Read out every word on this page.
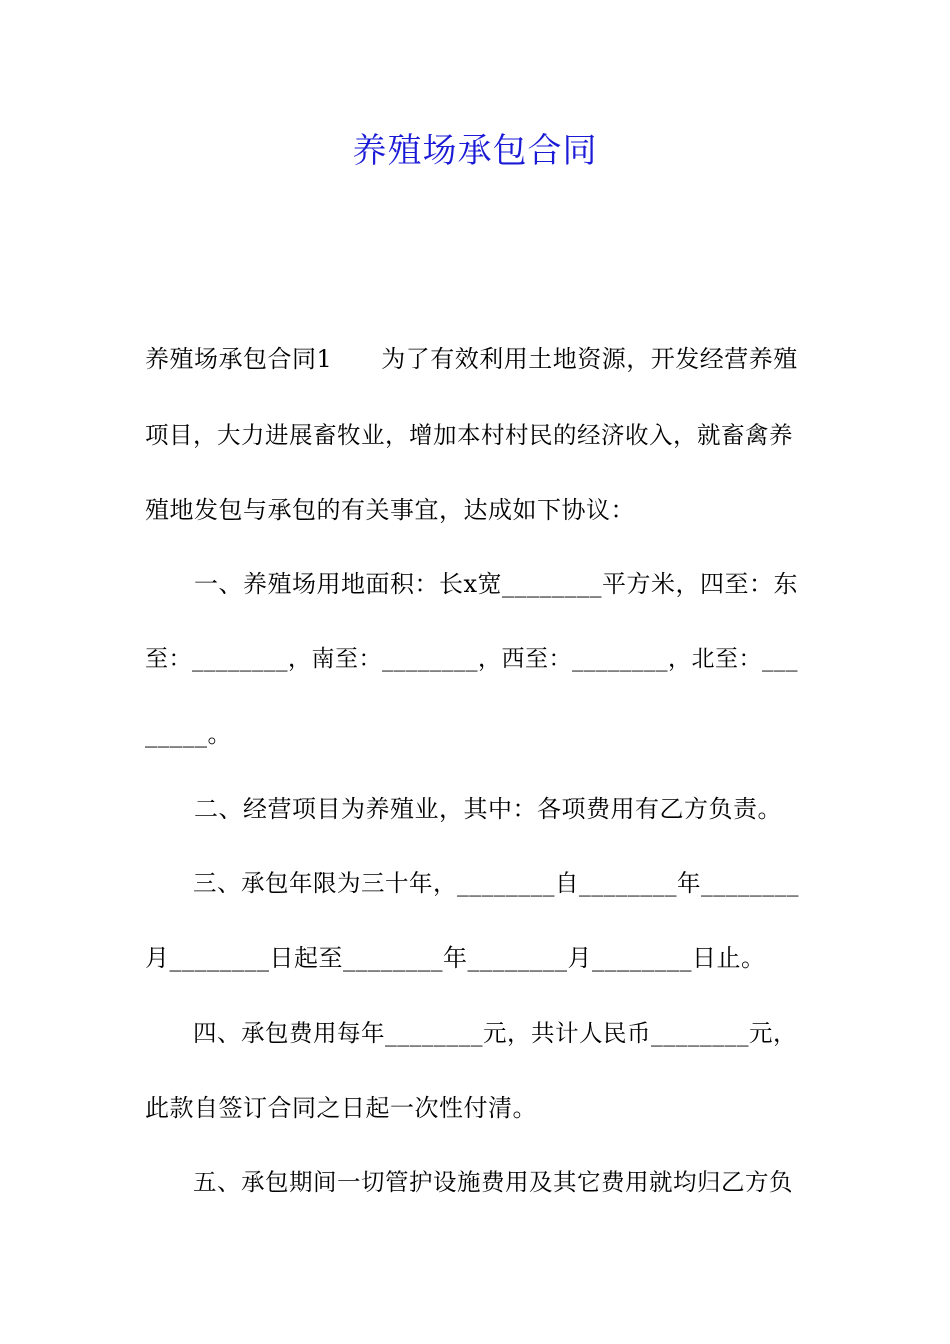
养殖场承包合同
养殖场承包合同1　　为了有效利用土地资源，开发经营养殖
项目，大力进展畜牧业，增加本村村民的经济收入，就畜禽养
殖地发包与承包的有关事宜，达成如下协议：
　　一、养殖场用地面积：长x宽________平方米，四至：东
至：________，南至：________，西至：________，北至：___
_____。
　　二、经营项目为养殖业，其中：各项费用有乙方负责。
　　三、承包年限为三十年，________自________年________
月________日起至________年________月________日止。
　　四、承包费用每年________元，共计人民币________元，
此款自签订合同之日起一次性付清。
　　五、承包期间一切管护设施费用及其它费用就均归乙方负
